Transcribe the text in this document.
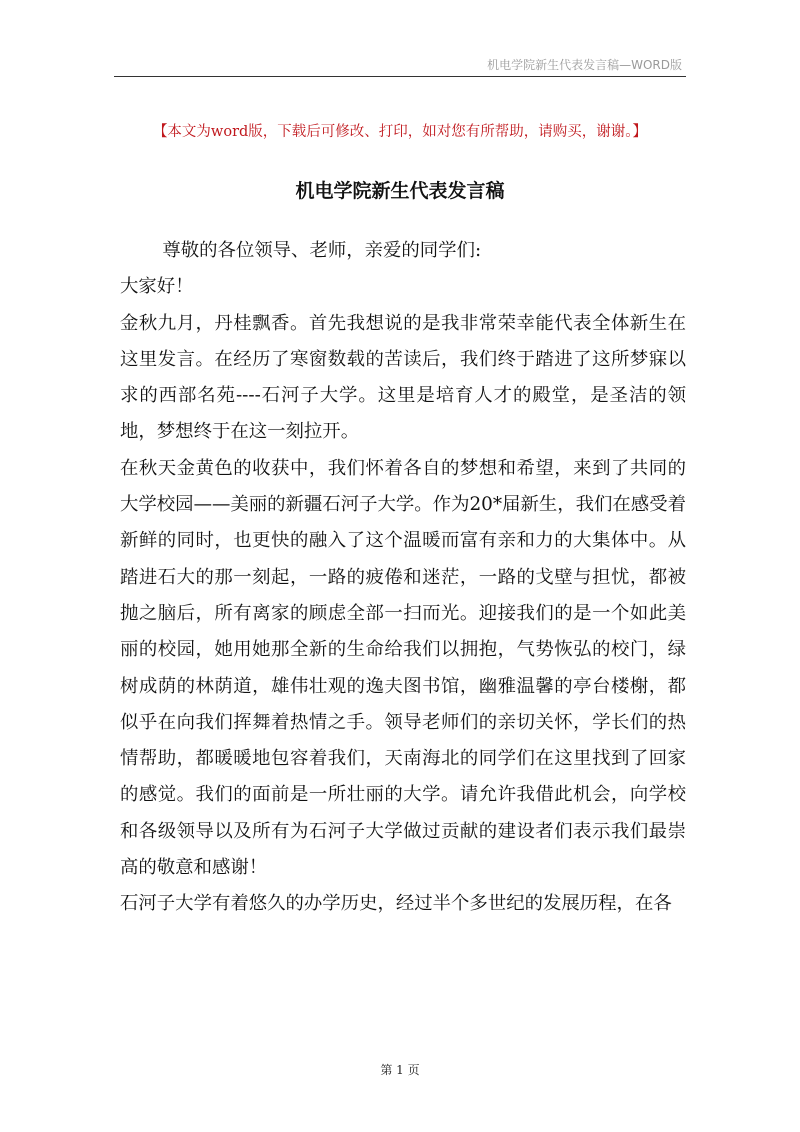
机电学院新生代表发言稿—WORD版
【本文为word版，下载后可修改、打印，如对您有所帮助，请购买，谢谢。】
机电学院新生代表发言稿

尊敬的各位领导、老师，亲爱的同学们:

大家好！

金秋九月，丹桂飘香。首先我想说的是我非常荣幸能代表全体新生在这里发言。在经历了寒窗数载的苦读后，我们终于踏进了这所梦寐以求的西部名苑----石河子大学。这里是培育人才的殿堂，是圣洁的领地，梦想终于在这一刻拉开。

在秋天金黄色的收获中，我们怀着各自的梦想和希望，来到了共同的大学校园——美丽的新疆石河子大学。作为20*届新生，我们在感受着新鲜的同时，也更快的融入了这个温暖而富有亲和力的大集体中。从踏进石大的那一刻起，一路的疲倦和迷茫，一路的戈壁与担忧，都被抛之脑后，所有离家的顾虑全部一扫而光。迎接我们的是一个如此美丽的校园，她用她那全新的生命给我们以拥抱，气势恢弘的校门，绿树成荫的林荫道，雄伟壮观的逸夫图书馆，幽雅温馨的亭台楼榭，都似乎在向我们挥舞着热情之手。领导老师们的亲切关怀，学长们的热情帮助，都暖暖地包容着我们，天南海北的同学们在这里找到了回家的感觉。我们的面前是一所壮丽的大学。请允许我借此机会，向学校和各级领导以及所有为石河子大学做过贡献的建设者们表示我们最崇高的敬意和感谢！

石河子大学有着悠久的办学历史，经过半个多世纪的发展历程，在各

第 1 页
